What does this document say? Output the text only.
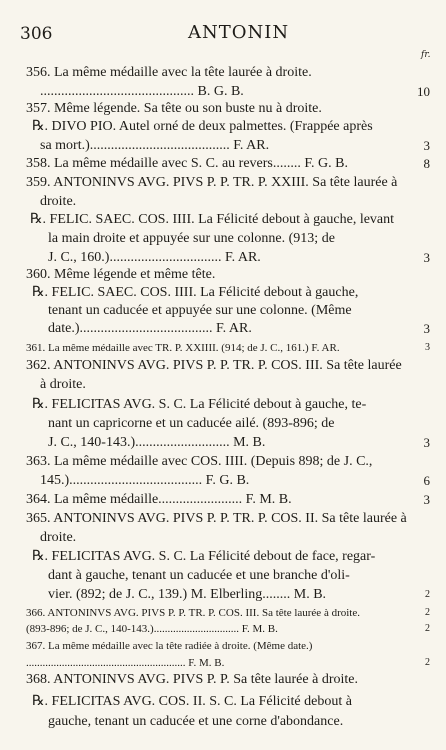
306	ANTONIN
fr.
356. La même médaille avec la tête laurée à droite.
............................................ B. G. B.
357. Même légende. Sa tête ou son buste nu à droite.
℞. DIVO PIO. Autel orné de deux palmettes. (Frappée après
sa mort.)........................................ F. AR.
358. La même médaille avec S. C. au revers........ F. G. B.
359. ANTONINVS AVG. PIVS P. P. TR. P. XXIII. Sa tête laurée à
droite.
℞. FELIC. SAEC. COS. IIII. La Félicité debout à gauche, levant
la main droite et appuyée sur une colonne. (913; de
J. C., 160.)................................ F. AR.
360. Même légende et même tête.
℞. FELIC. SAEC. COS. IIII. La Félicité debout à gauche,
tenant un caducée et appuyée sur une colonne. (Même
date.)...................................... F. AR.
361. La même médaille avec TR. P. XXIIII. (914; de J. C., 161.) F. AR.
362. ANTONINVS AVG. PIVS P. P. TR. P. COS. III. Sa tête laurée
à droite.
℞. FELICITAS AVG. S. C. La Félicité debout à gauche, te-
nant un capricorne et un caducée ailé. (893-896; de
J. C., 140-143.)........................... M. B.
363. La même médaille avec COS. IIII. (Depuis 898; de J. C.,
145.)...................................... F. G. B.
364. La même médaille........................ F. M. B.
365. ANTONINVS AVG. PIVS P. P. TR. P. COS. II. Sa tête laurée à
droite.
℞. FELICITAS AVG. S. C. La Félicité debout de face, regar-
dant à gauche, tenant un caducée et une branche d'oli-
vier. (892; de J. C., 139.) M. Elberling........ M. B.
366. ANTONINVS AVG. PIVS P. P. TR. P. COS. III. Sa tête laurée à droite.
(893-896; de J. C., 140-143.)............................... F. M. B.
367. La même médaille avec la tête radiée à droite. (Même date.)
.......................................................... F. M. B.
368. ANTONINVS AVG. PIVS P. P. Sa tête laurée à droite.
℞. FELICITAS AVG. COS. II. S. C. La Félicité debout à
gauche, tenant un caducée et une corne d'abondance.
10
3
8
3
3
3
3
6
3
2
2
2
2
